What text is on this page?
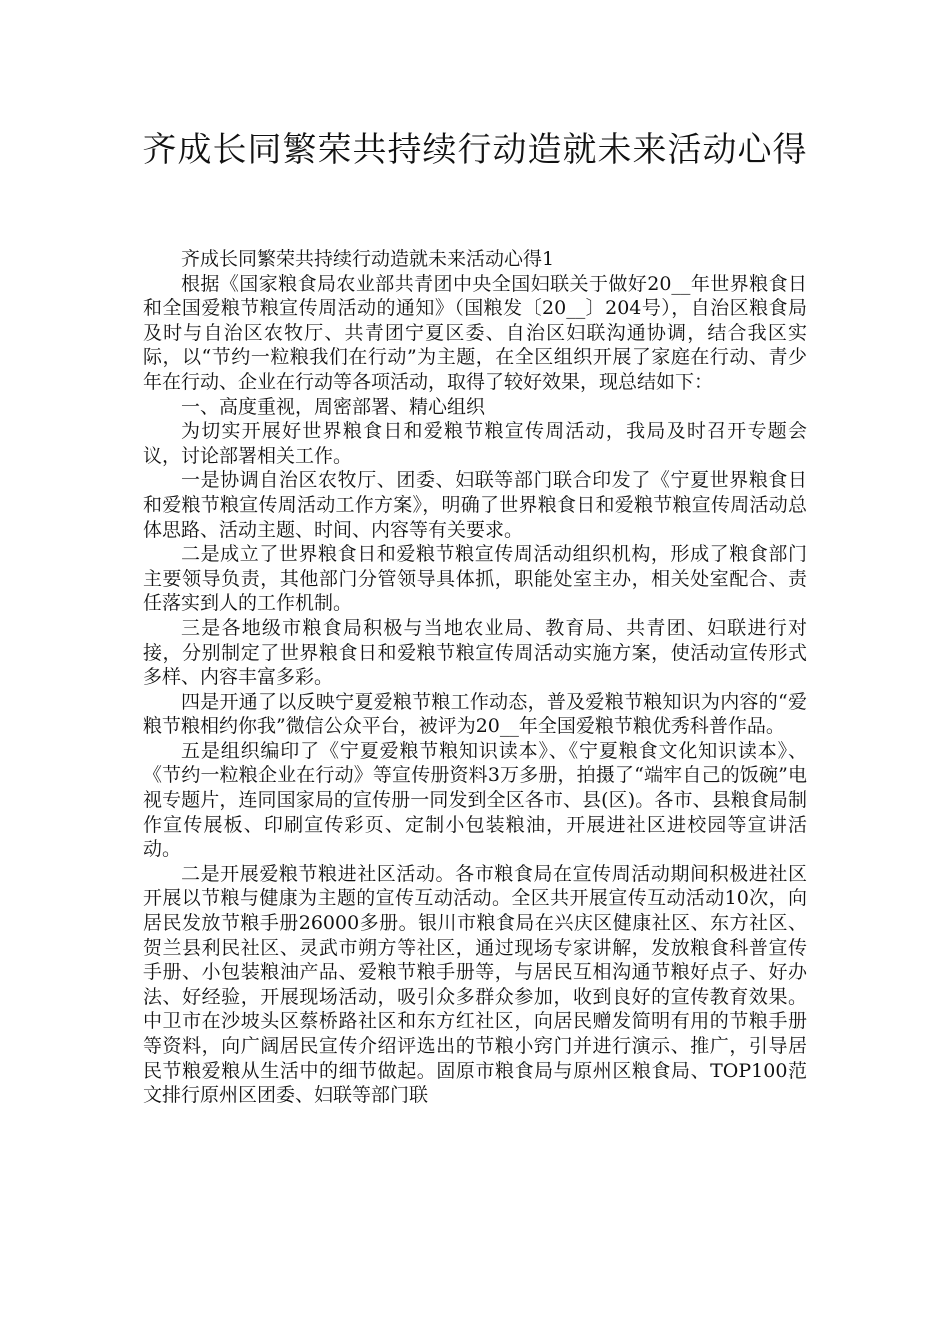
齐成长同繁荣共持续行动造就未来活动心得

齐成长同繁荣共持续行动造就未来活动心得1

根据《国家粮食局农业部共青团中央全国妇联关于做好20__年世界粮食日和全国爱粮节粮宣传周活动的通知》（国粮发〔20__〕204号），自治区粮食局及时与自治区农牧厅、共青团宁夏区委、自治区妇联沟通协调，结合我区实际，以“节约一粒粮我们在行动”为主题，在全区组织开展了家庭在行动、青少年在行动、企业在行动等各项活动，取得了较好效果，现总结如下：

一、高度重视，周密部署、精心组织

为切实开展好世界粮食日和爱粮节粮宣传周活动，我局及时召开专题会议，讨论部署相关工作。

一是协调自治区农牧厅、团委、妇联等部门联合印发了《宁夏世界粮食日和爱粮节粮宣传周活动工作方案》，明确了世界粮食日和爱粮节粮宣传周活动总体思路、活动主题、时间、内容等有关要求。

二是成立了世界粮食日和爱粮节粮宣传周活动组织机构，形成了粮食部门主要领导负责，其他部门分管领导具体抓，职能处室主办，相关处室配合、责任落实到人的工作机制。

三是各地级市粮食局积极与当地农业局、教育局、共青团、妇联进行对接，分别制定了世界粮食日和爱粮节粮宣传周活动实施方案，使活动宣传形式多样、内容丰富多彩。

四是开通了以反映宁夏爱粮节粮工作动态，普及爱粮节粮知识为内容的“爱粮节粮相约你我”微信公众平台，被评为20__年全国爱粮节粮优秀科普作品。

五是组织编印了《宁夏爱粮节粮知识读本》、《宁夏粮食文化知识读本》、《节约一粒粮企业在行动》等宣传册资料3万多册，拍摄了“端牢自己的饭碗”电视专题片，连同国家局的宣传册一同发到全区各市、县(区)。各市、县粮食局制作宣传展板、印刷宣传彩页、定制小包装粮油，开展进社区进校园等宣讲活动。

二是开展爱粮节粮进社区活动。各市粮食局在宣传周活动期间积极进社区开展以节粮与健康为主题的宣传互动活动。全区共开展宣传互动活动10次，向居民发放节粮手册26000多册。银川市粮食局在兴庆区健康社区、东方社区、贺兰县利民社区、灵武市朔方等社区，通过现场专家讲解，发放粮食科普宣传手册、小包装粮油产品、爱粮节粮手册等，与居民互相沟通节粮好点子、好办法、好经验，开展现场活动，吸引众多群众参加，收到良好的宣传教育效果。中卫市在沙坡头区蔡桥路社区和东方红社区，向居民赠发简明有用的节粮手册等资料，向广阔居民宣传介绍评选出的节粮小窍门并进行演示、推广，引导居民节粮爱粮从生活中的细节做起。固原市粮食局与原州区粮食局、TOP100范文排行原州区团委、妇联等部门联
